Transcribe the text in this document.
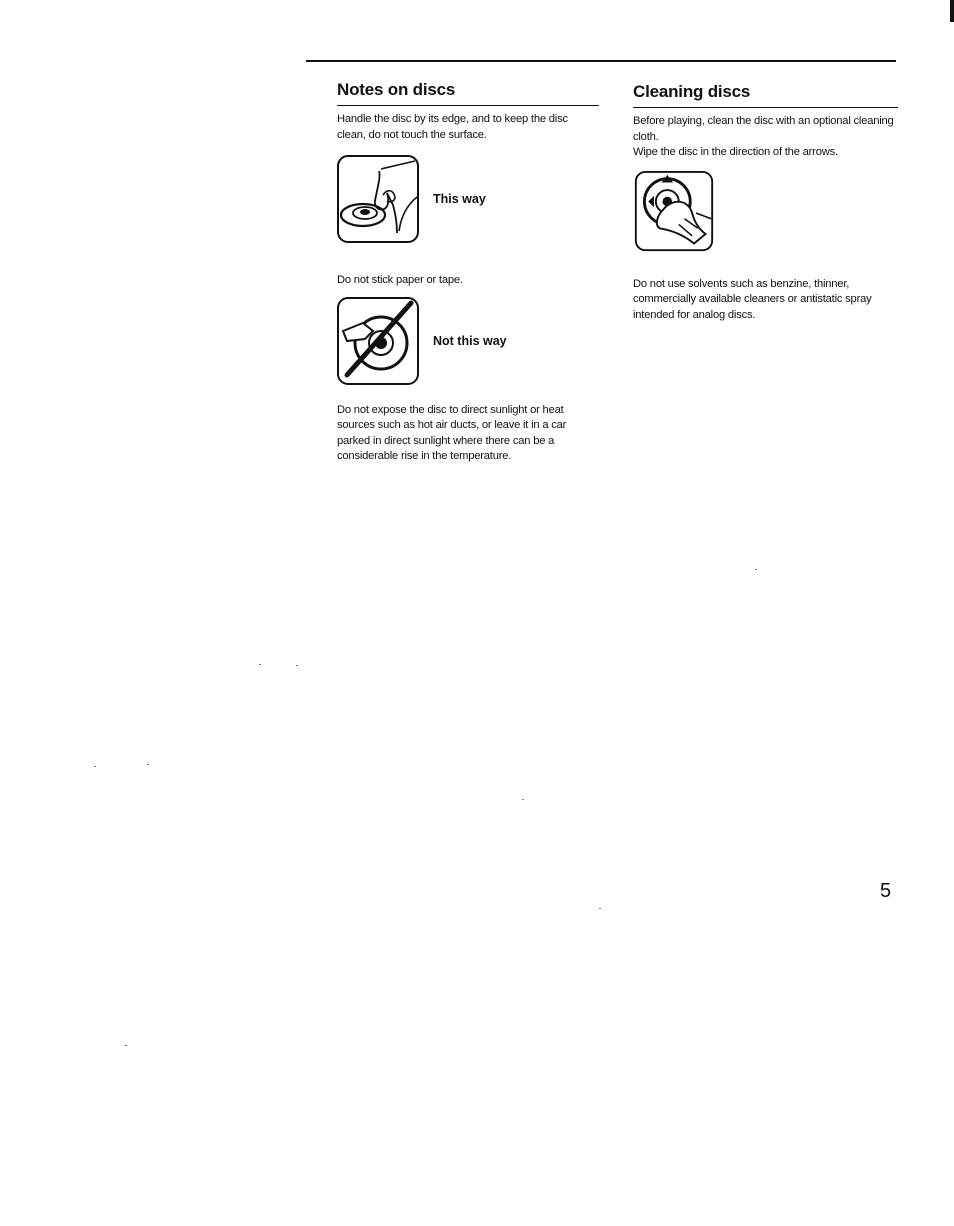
Notes on discs

Handle the disc by its edge, and to keep the disc clean, do not touch the surface.

This way

Do not stick paper or tape.

Not this way

Do not expose the disc to direct sunlight or heat sources such as hot air ducts, or leave it in a car parked in direct sunlight where there can be a considerable rise in the temperature.

Cleaning discs

Before playing, clean the disc with an optional cleaning cloth.

Wipe the disc in the direction of the arrows.

Do not use solvents such as benzine, thinner, commercially available cleaners or antistatic spray intended for analog discs.

5
